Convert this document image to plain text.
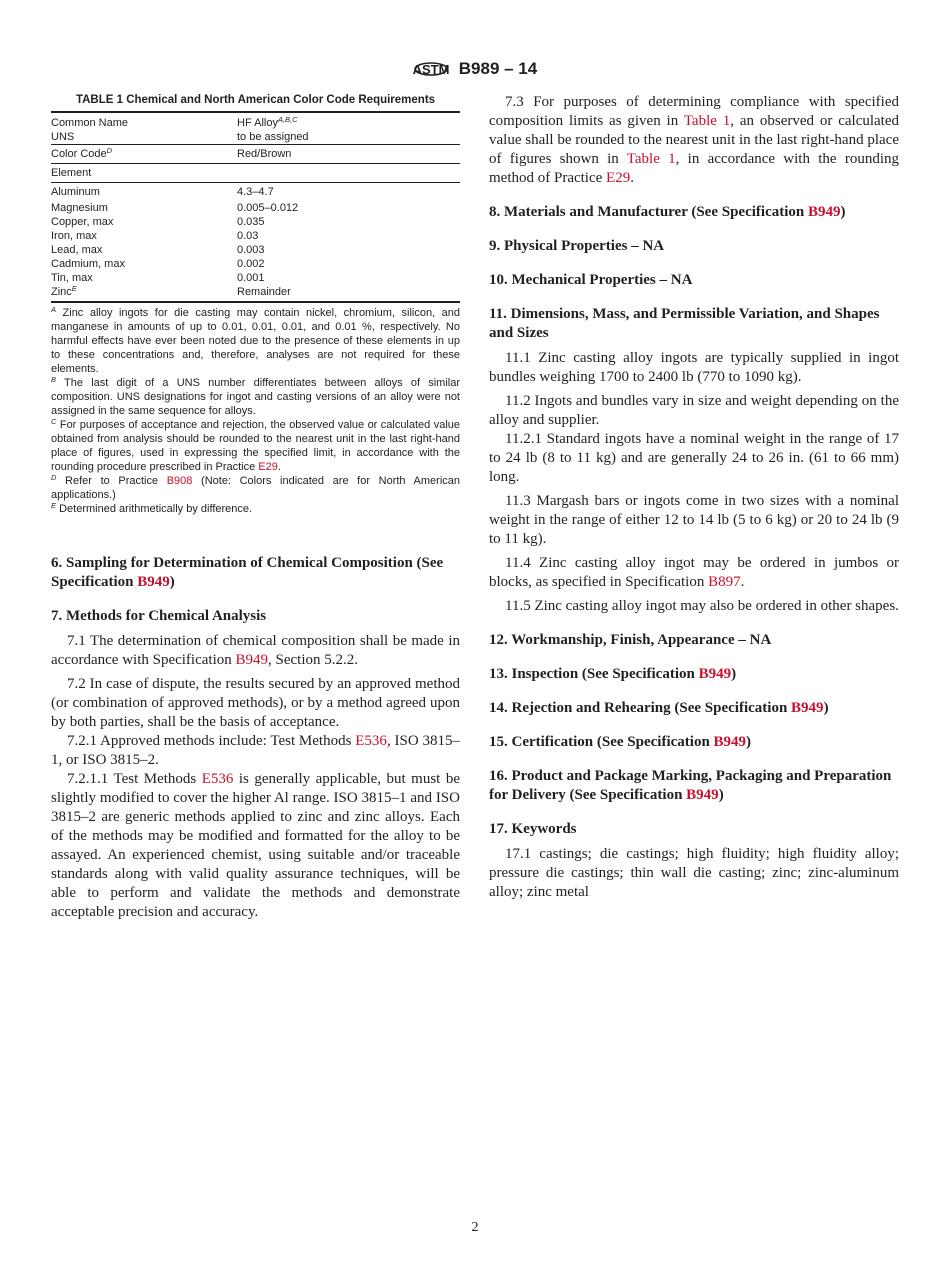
ASTM B989 – 14
TABLE 1 Chemical and North American Color Code Requirements
Common Name	HF Alloy$^{A,B,C}$
UNS	to be assigned
Color Code$^D$	Red/Brown
Element	
Aluminum	4.3–4.7
Magnesium	0.005–0.012
Copper, max	0.035
Iron, max	0.03
Lead, max	0.003
Cadmium, max	0.002
Tin, max	0.001
Zinc$^E$	Remainder

$^A$ Zinc alloy ingots for die casting may contain nickel, chromium, silicon, and manganese in amounts of up to 0.01, 0.01, 0.01, and 0.01 %, respectively. No harmful effects have ever been noted due to the presence of these elements in up to these concentrations and, therefore, analyses are not required for these elements.

$^B$ The last digit of a UNS number differentiates between alloys of similar composition. UNS designations for ingot and casting versions of an alloy were not assigned in the same sequence for alloys.

$^C$ For purposes of acceptance and rejection, the observed value or calculated value obtained from analysis should be rounded to the nearest unit in the last right-hand place of figures, used in expressing the specified limit, in accordance with the rounding procedure prescribed in Practice E29.

$^D$ Refer to Practice B908 (Note: Colors indicated are for North American applications.)

$^E$ Determined arithmetically by difference.

6. Sampling for Determination of Chemical Composition (See Specification B949)
7. Methods for Chemical Analysis

7.1 The determination of chemical composition shall be made in accordance with Specification B949, Section 5.2.2.

7.2 In case of dispute, the results secured by an approved method (or combination of approved methods), or by a method agreed upon by both parties, shall be the basis of acceptance.

7.2.1 Approved methods include: Test Methods E536, ISO 3815–1, or ISO 3815–2.

7.2.1.1 Test Methods E536 is generally applicable, but must be slightly modified to cover the higher Al range. ISO 3815–1 and ISO 3815–2 are generic methods applied to zinc and zinc alloys. Each of the methods may be modified and formatted for the alloy to be assayed. An experienced chemist, using suitable and/or traceable standards along with valid quality assurance techniques, will be able to perform and validate the methods and demonstrate acceptable precision and accuracy.

7.3 For purposes of determining compliance with specified composition limits as given in Table 1, an observed or calculated value shall be rounded to the nearest unit in the last right-hand place of figures shown in Table 1, in accordance with the rounding method of Practice E29.

8. Materials and Manufacturer (See Specification B949)
9. Physical Properties – NA
10. Mechanical Properties – NA
11. Dimensions, Mass, and Permissible Variation, and Shapes and Sizes

11.1 Zinc casting alloy ingots are typically supplied in ingot bundles weighing 1700 to 2400 lb (770 to 1090 kg).

11.2 Ingots and bundles vary in size and weight depending on the alloy and supplier.

11.2.1 Standard ingots have a nominal weight in the range of 17 to 24 lb (8 to 11 kg) and are generally 24 to 26 in. (61 to 66 mm) long.

11.3 Margash bars or ingots come in two sizes with a nominal weight in the range of either 12 to 14 lb (5 to 6 kg) or 20 to 24 lb (9 to 11 kg).

11.4 Zinc casting alloy ingot may be ordered in jumbos or blocks, as specified in Specification B897.

11.5 Zinc casting alloy ingot may also be ordered in other shapes.

12. Workmanship, Finish, Appearance – NA
13. Inspection (See Specification B949)
14. Rejection and Rehearing (See Specification B949)
15. Certification (See Specification B949)
16. Product and Package Marking, Packaging and Preparation for Delivery (See Specification B949)
17. Keywords

17.1 castings; die castings; high fluidity; high fluidity alloy; pressure die castings; thin wall die casting; zinc; zinc-aluminum alloy; zinc metal

2
